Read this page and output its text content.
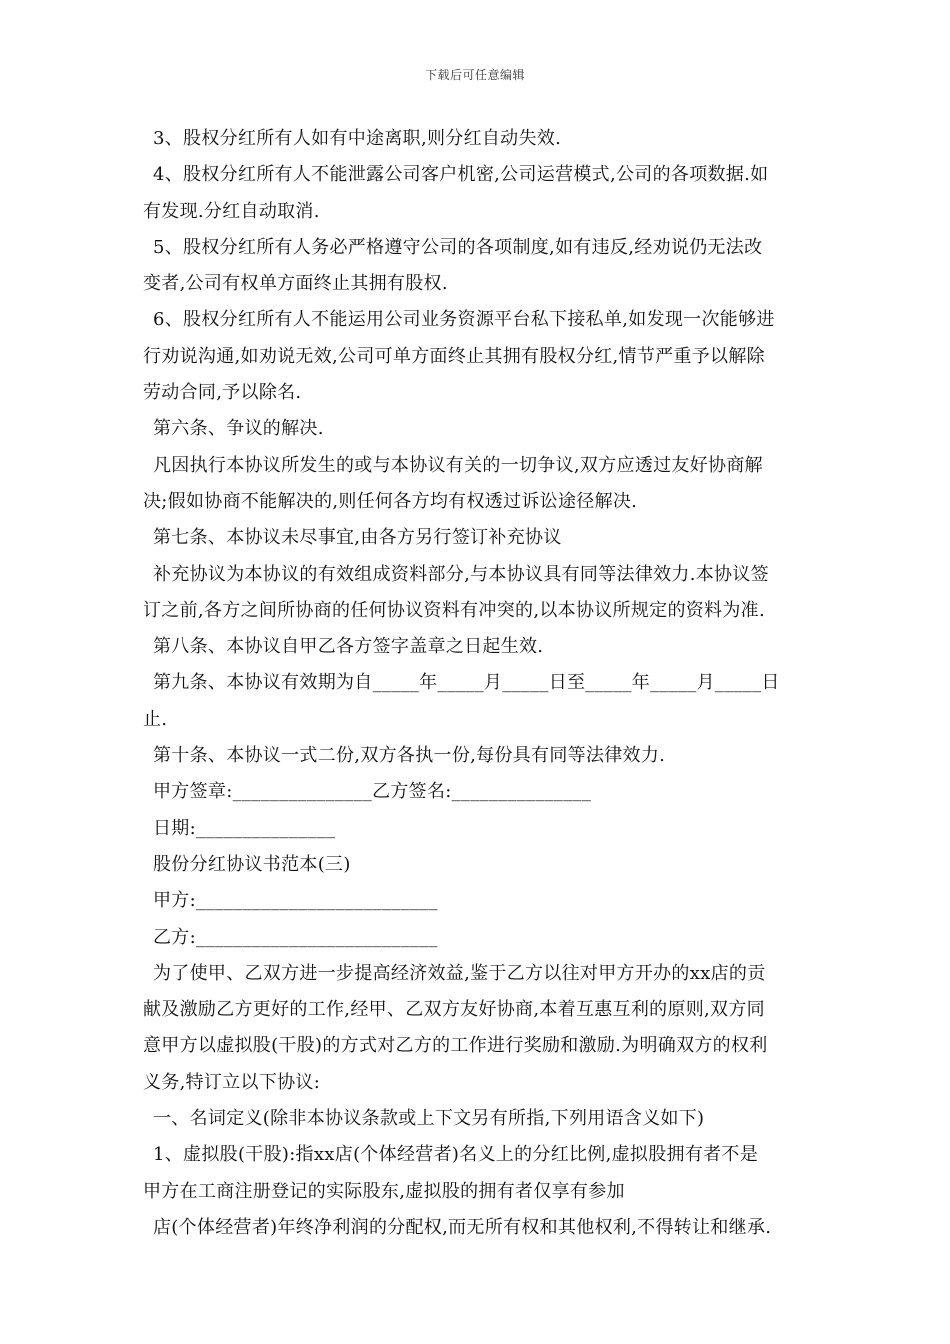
下载后可任意编辑
3、股权分红所有人如有中途离职,则分红自动失效.
4、股权分红所有人不能泄露公司客户机密,公司运营模式,公司的各项数据.如
有发现.分红自动取消.
5、股权分红所有人务必严格遵守公司的各项制度,如有违反,经劝说仍无法改
变者,公司有权单方面终止其拥有股权.
6、股权分红所有人不能运用公司业务资源平台私下接私单,如发现一次能够进
行劝说沟通,如劝说无效,公司可单方面终止其拥有股权分红,情节严重予以解除
劳动合同,予以除名.
第六条、争议的解决.
凡因执行本协议所发生的或与本协议有关的一切争议,双方应透过友好协商解
决;假如协商不能解决的,则任何各方均有权透过诉讼途径解决.
第七条、本协议未尽事宜,由各方另行签订补充协议
补充协议为本协议的有效组成资料部分,与本协议具有同等法律效力.本协议签
订之前,各方之间所协商的任何协议资料有冲突的,以本协议所规定的资料为准.
第八条、本协议自甲乙各方签字盖章之日起生效.
第九条、本协议有效期为自_____年_____月_____日至_____年_____月_____日
止.
第十条、本协议一式二份,双方各执一份,每份具有同等法律效力.
甲方签章:_______________乙方签名:_______________
日期:_______________
股份分红协议书范本(三)
甲方:__________________________
乙方:__________________________
为了使甲、乙双方进一步提高经济效益,鉴于乙方以往对甲方开办的xx店的贡
献及激励乙方更好的工作,经甲、乙双方友好协商,本着互惠互利的原则,双方同
意甲方以虚拟股(干股)的方式对乙方的工作进行奖励和激励.为明确双方的权利
义务,特订立以下协议:
一、名词定义(除非本协议条款或上下文另有所指,下列用语含义如下)
1、虚拟股(干股):指xx店(个体经营者)名义上的分红比例,虚拟股拥有者不是
甲方在工商注册登记的实际股东,虚拟股的拥有者仅享有参加
店(个体经营者)年终净利润的分配权,而无所有权和其他权利,不得转让和继承.
